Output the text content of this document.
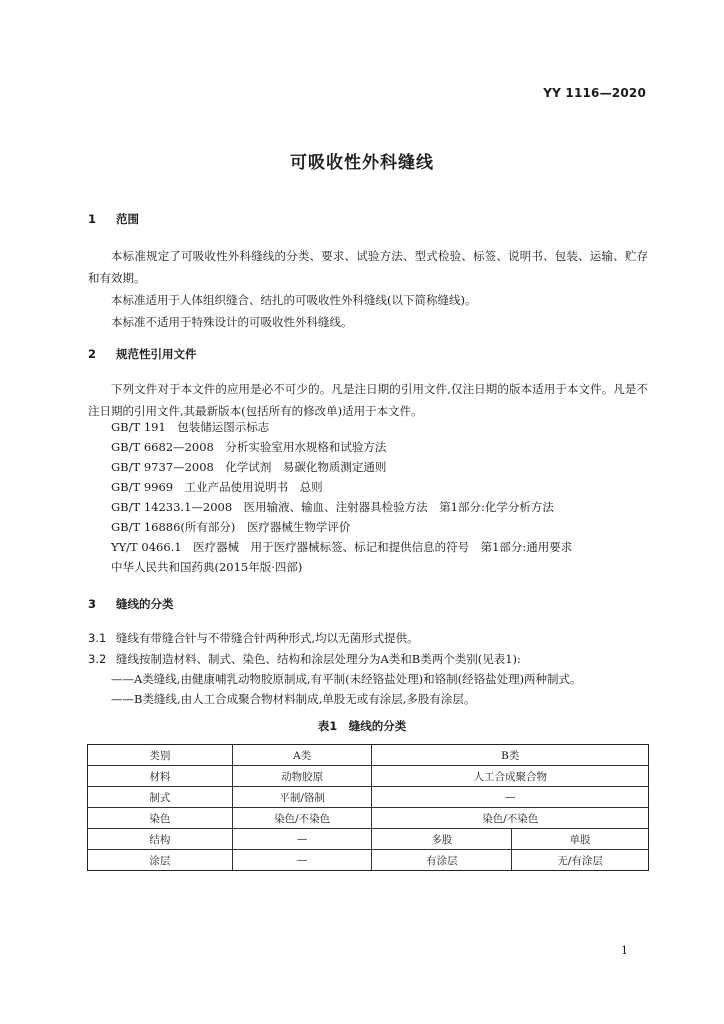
YY 1116—2020
可吸收性外科缝线
1 范围

本标准规定了可吸收性外科缝线的分类、要求、试验方法、型式检验、标签、说明书、包装、运输、贮存和有效期。

本标准适用于人体组织缝合、结扎的可吸收性外科缝线(以下简称缝线)。

本标准不适用于特殊设计的可吸收性外科缝线。

2 规范性引用文件

下列文件对于本文件的应用是必不可少的。凡是注日期的引用文件,仅注日期的版本适用于本文件。凡是不注日期的引用文件,其最新版本(包括所有的修改单)适用于本文件。

GB/T 191　包装储运图示标志
GB/T 6682—2008　分析实验室用水规格和试验方法
GB/T 9737—2008　化学试剂　易碳化物质测定通则
GB/T 9969　工业产品使用说明书　总则
GB/T 14233.1—2008　医用输液、输血、注射器具检验方法　第1部分:化学分析方法
GB/T 16886(所有部分)　医疗器械生物学评价
YY/T 0466.1　医疗器械　用于医疗器械标签、标记和提供信息的符号　第1部分:通用要求
中华人民共和国药典(2015年版·四部)
3 缝线的分类
3.1 缝线有带缝合针与不带缝合针两种形式,均以无菌形式提供。
3.2 缝线按制造材料、制式、染色、结构和涂层处理分为A类和B类两个类别(见表1):
——A类缝线,由健康哺乳动物胶原制成,有平制(未经铬盐处理)和铬制(经铬盐处理)两种制式。
——B类缝线,由人工合成聚合物材料制成,单股无或有涂层,多股有涂层。
表1　缝线的分类
类别	A类	B类	
材料	动物胶原	人工合成聚合物	
制式	平制/铬制	—	
染色	染色/不染色	染色/不染色	
结构	—	多股	单股
涂层	—	有涂层	无/有涂层
1
